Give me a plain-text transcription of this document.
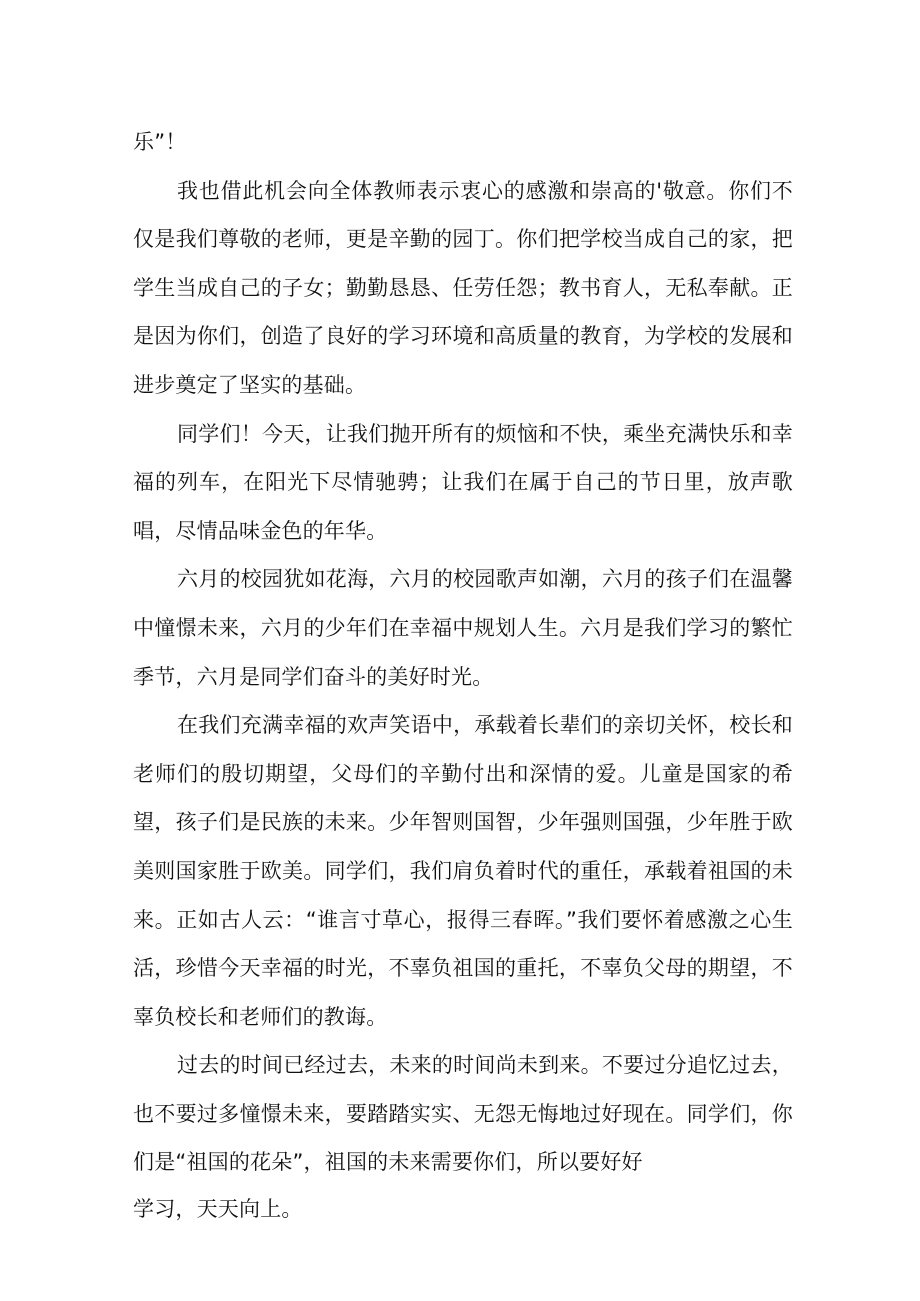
乐”！

我也借此机会向全体教师表示衷心的感激和崇高的'敬意。你们不仅是我们尊敬的老师，更是辛勤的园丁。你们把学校当成自己的家，把学生当成自己的子女；勤勤恳恳、任劳任怨；教书育人，无私奉献。正是因为你们，创造了良好的学习环境和高质量的教育，为学校的发展和进步奠定了坚实的基础。

同学们！今天，让我们抛开所有的烦恼和不快，乘坐充满快乐和幸福的列车，在阳光下尽情驰骋；让我们在属于自己的节日里，放声歌唱，尽情品味金色的年华。

六月的校园犹如花海，六月的校园歌声如潮，六月的孩子们在温馨中憧憬未来，六月的少年们在幸福中规划人生。六月是我们学习的繁忙季节，六月是同学们奋斗的美好时光。

在我们充满幸福的欢声笑语中，承载着长辈们的亲切关怀，校长和老师们的殷切期望，父母们的辛勤付出和深情的爱。儿童是国家的希望，孩子们是民族的未来。少年智则国智，少年强则国强，少年胜于欧美则国家胜于欧美。同学们，我们肩负着时代的重任，承载着祖国的未来。正如古人云：“谁言寸草心，报得三春晖。”我们要怀着感激之心生活，珍惜今天幸福的时光，不辜负祖国的重托，不辜负父母的期望，不辜负校长和老师们的教诲。

过去的时间已经过去，未来的时间尚未到来。不要过分追忆过去，也不要过多憧憬未来，要踏踏实实、无怨无悔地过好现在。同学们，你们是“祖国的花朵”，祖国的未来需要你们，所以要好好

学习，天天向上。
